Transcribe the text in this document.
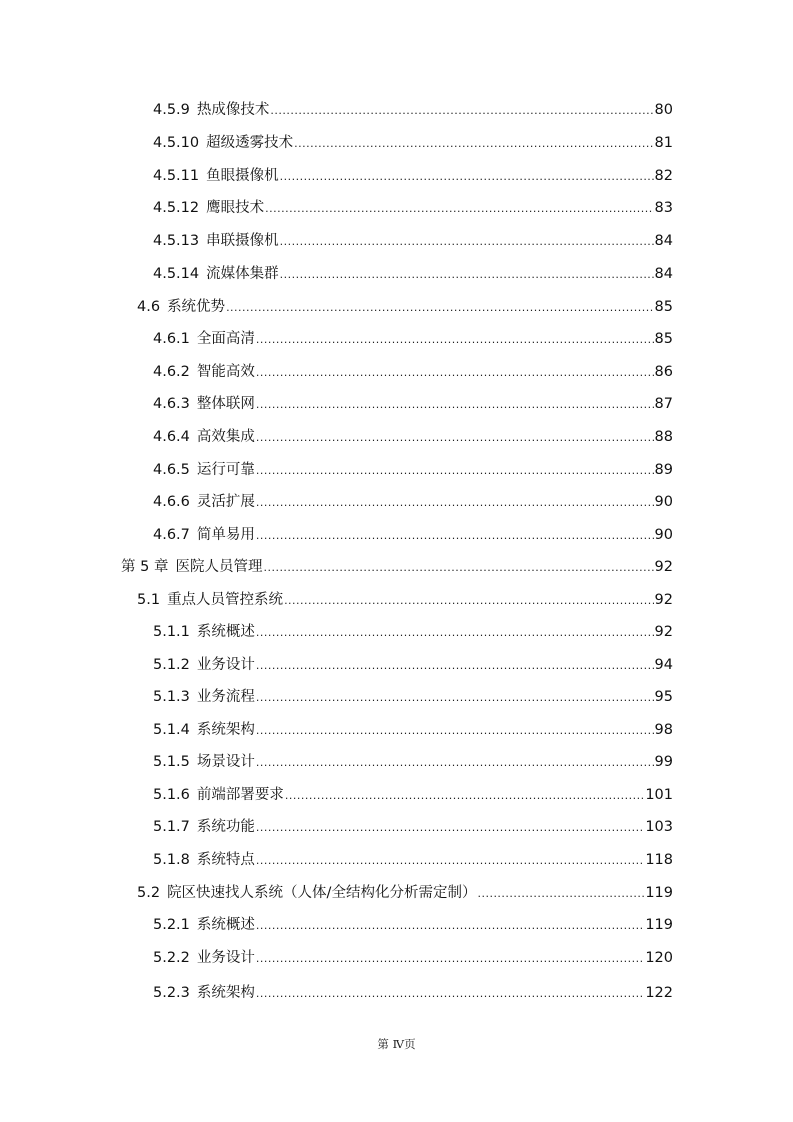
4.5.9 热成像技术 .....	80
4.5.10 超级透雾技术 .....	81
4.5.11 鱼眼摄像机 .....	82
4.5.12 鹰眼技术 .....	83
4.5.13 串联摄像机 .....	84
4.5.14 流媒体集群 .....	84
4.6 系统优势 .....	85
4.6.1 全面高清 .....	85
4.6.2 智能高效 .....	86
4.6.3 整体联网 .....	87
4.6.4 高效集成 .....	88
4.6.5 运行可靠 .....	89
4.6.6 灵活扩展 .....	90
4.6.7 简单易用 .....	90
第 5 章 医院人员管理 .....	92
5.1 重点人员管控系统 .....	92
5.1.1 系统概述 .....	92
5.1.2 业务设计 .....	94
5.1.3 业务流程 .....	95
5.1.4 系统架构 .....	98
5.1.5 场景设计 .....	99
5.1.6 前端部署要求 .....	101
5.1.7 系统功能 .....	103
5.1.8 系统特点 .....	118
5.2 院区快速找人系统（人体/全结构化分析需定制） .....	119
5.2.1 系统概述 .....	119
5.2.2 业务设计 .....	120
5.2.3 系统架构 .....	122
第 Ⅳ页
